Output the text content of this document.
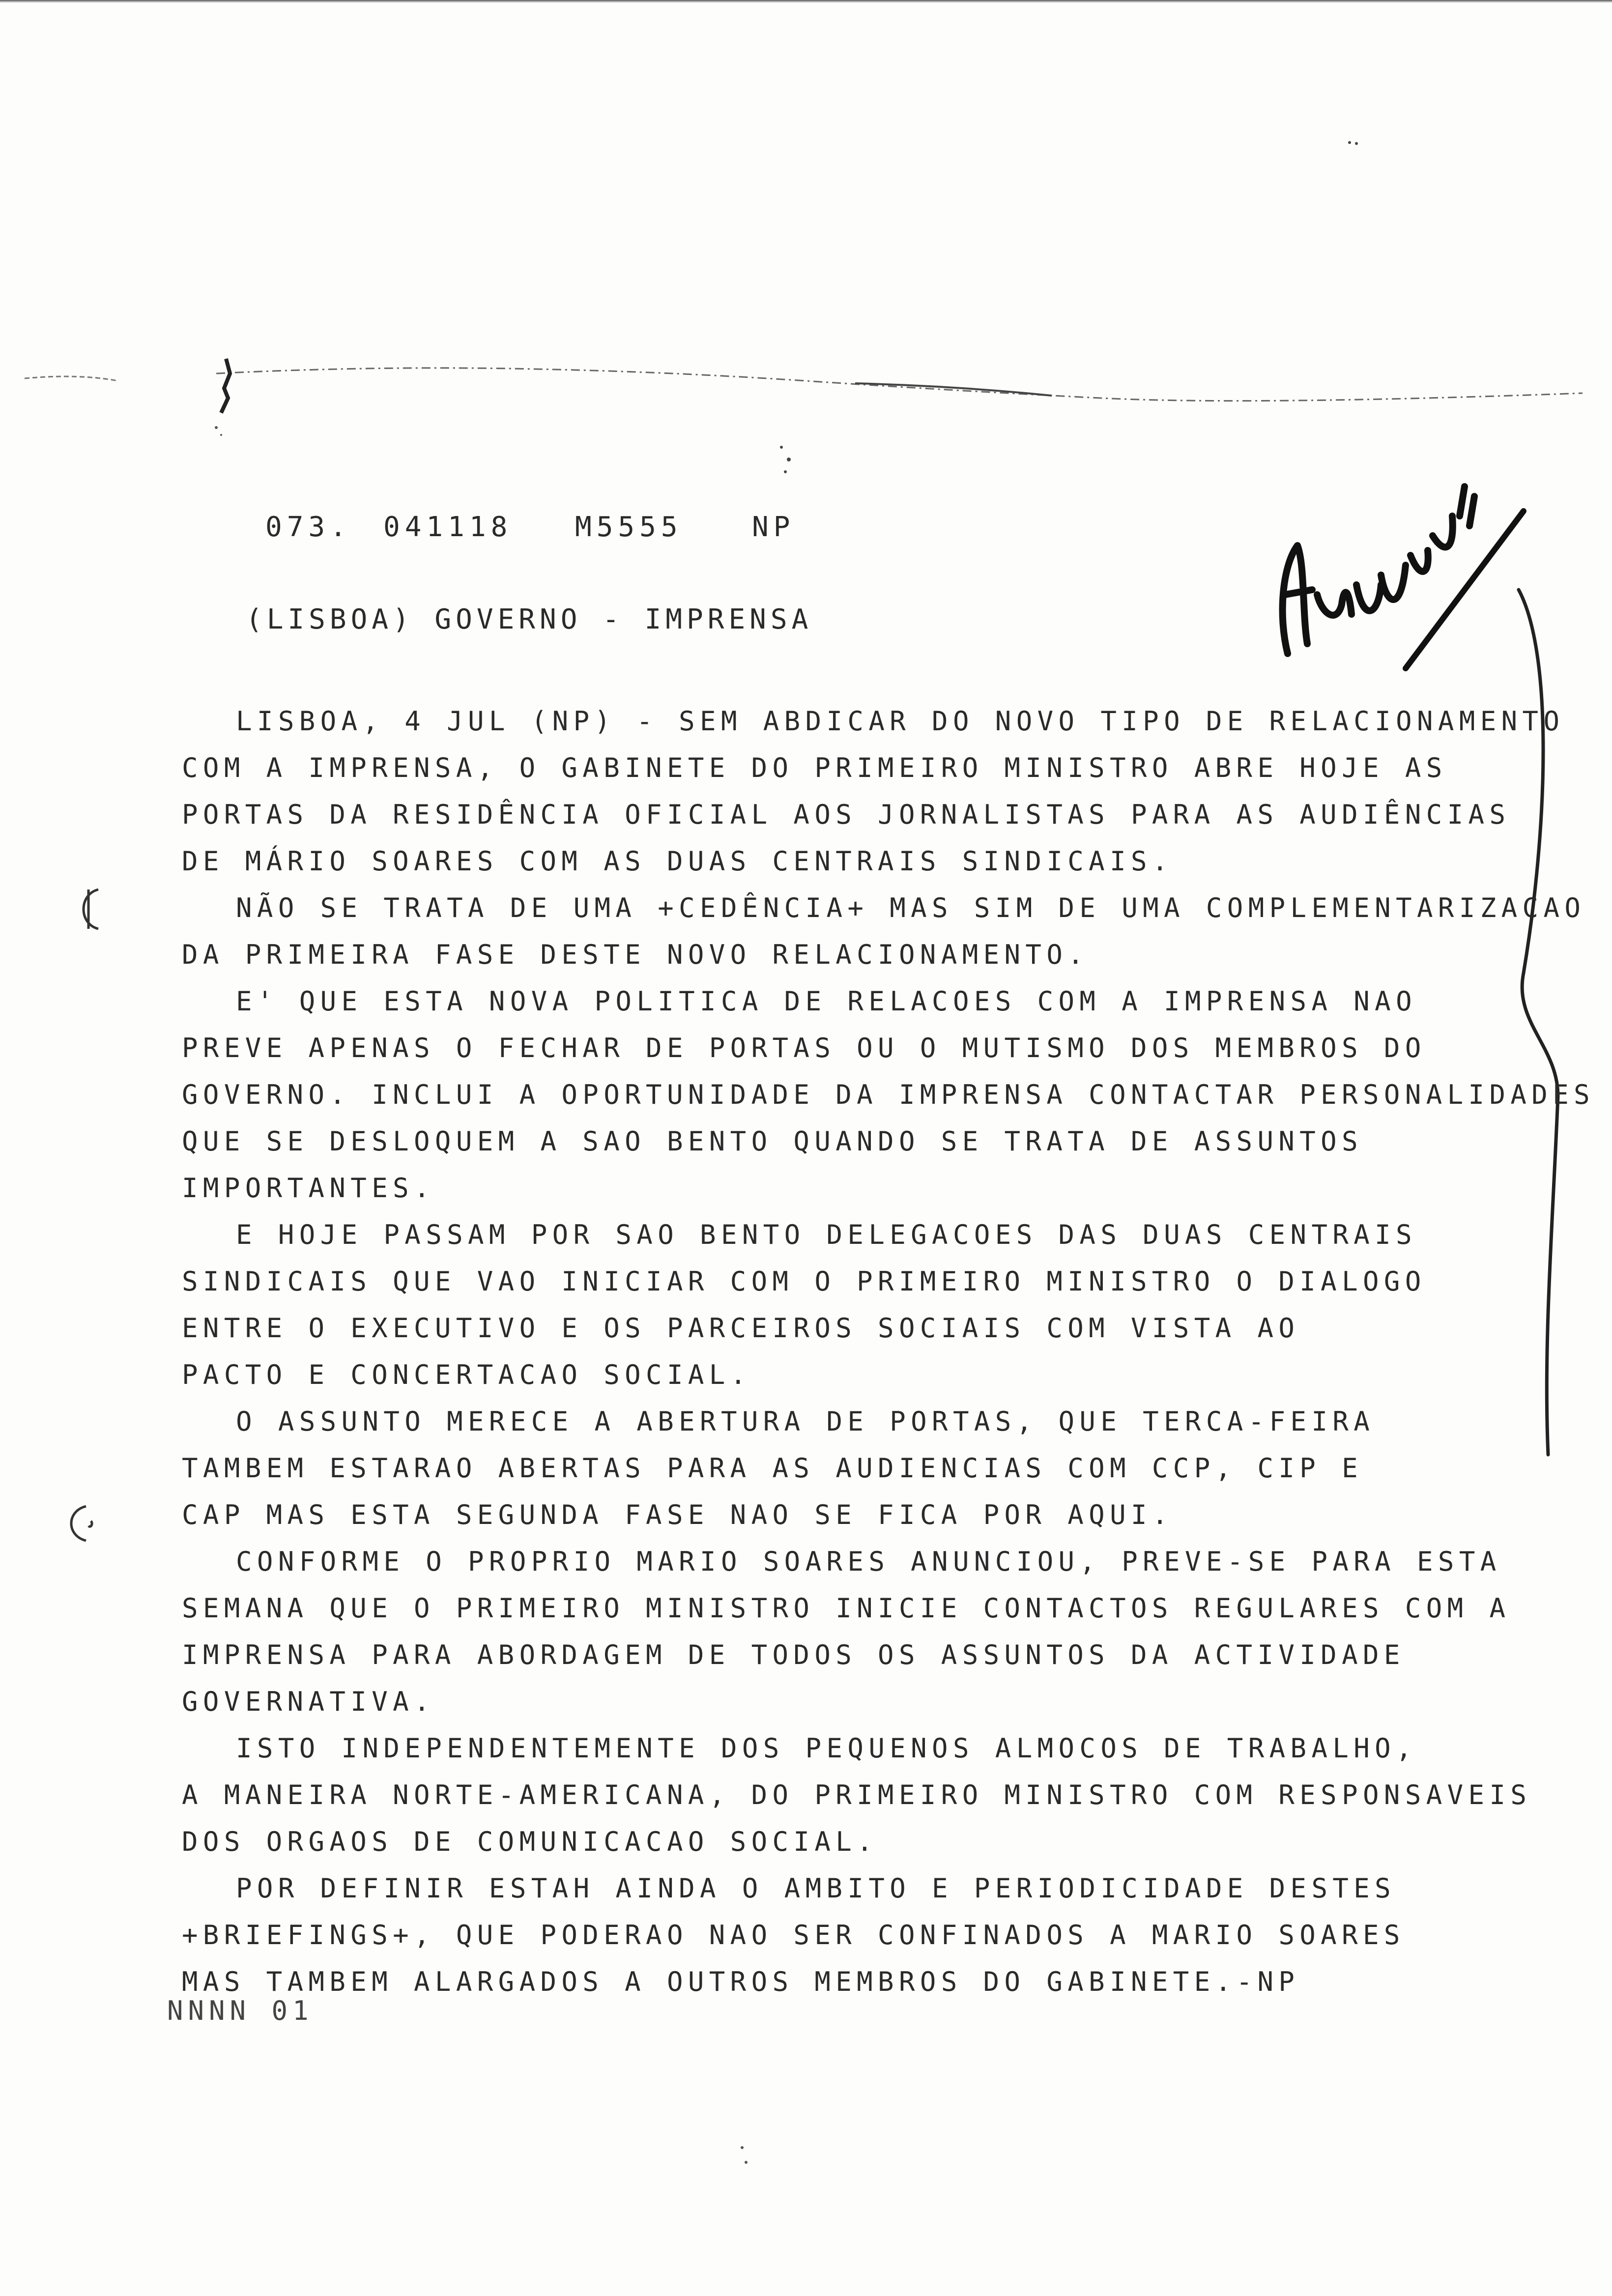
073. 041118 M5555	NP
(LISBOA) GOVERNO - IMPRENSA
LISBOA, 4 JUL (NP) - SEM ABDICAR DO NOVO TIPO DE RELACIONAMENTO
COM A IMPRENSA, O GABINETE DO PRIMEIRO MINISTRO ABRE HOJE AS
PORTAS DA RESIDÊNCIA OFICIAL AOS JORNALISTAS PARA AS AUDIÊNCIAS
DE MÁRIO SOARES COM AS DUAS CENTRAIS SINDICAIS.
NÃO SE TRATA DE UMA +CEDÊNCIA+ MAS SIM DE UMA COMPLEMENTARIZACAO
DA PRIMEIRA FASE DESTE NOVO RELACIONAMENTO.
E' QUE ESTA NOVA POLITICA DE RELACOES COM A IMPRENSA NAO
PREVE APENAS O FECHAR DE PORTAS OU O MUTISMO DOS MEMBROS DO
GOVERNO. INCLUI A OPORTUNIDADE DA IMPRENSA CONTACTAR PERSONALIDADES
QUE SE DESLOQUEM A SAO BENTO QUANDO SE TRATA DE ASSUNTOS
IMPORTANTES.
E HOJE PASSAM POR SAO BENTO DELEGACOES DAS DUAS CENTRAIS
SINDICAIS QUE VAO INICIAR COM O PRIMEIRO MINISTRO O DIALOGO
ENTRE O EXECUTIVO E OS PARCEIROS SOCIAIS COM VISTA AO
PACTO E CONCERTACAO SOCIAL.
O ASSUNTO MERECE A ABERTURA DE PORTAS, QUE TERCA-FEIRA
TAMBEM ESTARAO ABERTAS PARA AS AUDIENCIAS COM CCP, CIP E
CAP MAS ESTA SEGUNDA FASE NAO SE FICA POR AQUI.
CONFORME O PROPRIO MARIO SOARES ANUNCIOU, PREVE-SE PARA ESTA
SEMANA QUE O PRIMEIRO MINISTRO INICIE CONTACTOS REGULARES COM A
IMPRENSA PARA ABORDAGEM DE TODOS OS ASSUNTOS DA ACTIVIDADE
GOVERNATIVA.
ISTO INDEPENDENTEMENTE DOS PEQUENOS ALMOCOS DE TRABALHO,
A MANEIRA NORTE-AMERICANA, DO PRIMEIRO MINISTRO COM RESPONSAVEIS
DOS ORGAOS DE COMUNICACAO SOCIAL.
POR DEFINIR ESTAH AINDA O AMBITO E PERIODICIDADE DESTES
+BRIEFINGS+, QUE PODERAO NAO SER CONFINADOS A MARIO SOARES
MAS TAMBEM ALARGADOS A OUTROS MEMBROS DO GABINETE.-NP
NNNN 01
